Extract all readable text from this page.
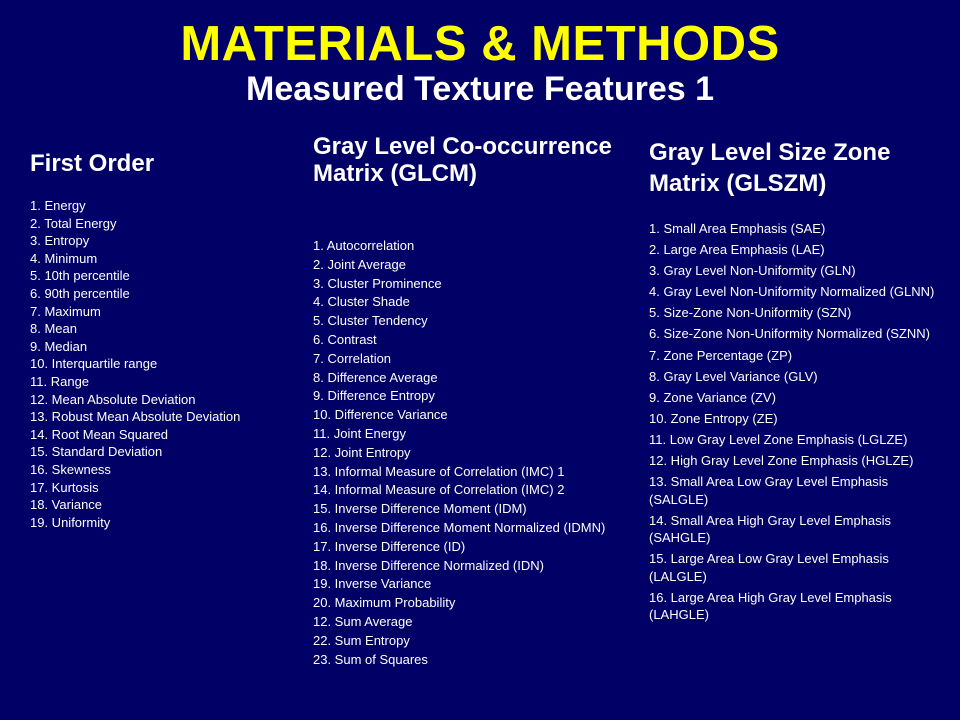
MATERIALS & METHODS
Measured Texture Features 1
First Order
1. Energy
2. Total Energy
3. Entropy
4. Minimum
5. 10th percentile
6. 90th percentile
7. Maximum
8. Mean
9. Median
10. Interquartile range
11. Range
12. Mean Absolute Deviation
13. Robust Mean Absolute Deviation
14. Root Mean Squared
15. Standard Deviation
16. Skewness
17. Kurtosis
18. Variance
19. Uniformity
Gray Level Co-occurrence Matrix (GLCM)
1. Autocorrelation
2. Joint Average
3. Cluster Prominence
4. Cluster Shade
5. Cluster Tendency
6. Contrast
7. Correlation
8. Difference Average
9. Difference Entropy
10. Difference Variance
11. Joint Energy
12. Joint Entropy
13. Informal Measure of Correlation (IMC) 1
14. Informal Measure of Correlation (IMC) 2
15. Inverse Difference Moment (IDM)
16. Inverse Difference Moment Normalized (IDMN)
17. Inverse Difference (ID)
18. Inverse Difference Normalized (IDN)
19. Inverse Variance
20. Maximum Probability
12. Sum Average
22. Sum Entropy
23. Sum of Squares
Gray Level Size Zone Matrix (GLSZM)
1. Small Area Emphasis (SAE)
2. Large Area Emphasis (LAE)
3. Gray Level Non-Uniformity (GLN)
4. Gray Level Non-Uniformity Normalized (GLNN)
5. Size-Zone Non-Uniformity (SZN)
6. Size-Zone Non-Uniformity Normalized (SZNN)
7. Zone Percentage (ZP)
8. Gray Level Variance (GLV)
9. Zone Variance (ZV)
10. Zone Entropy (ZE)
11. Low Gray Level Zone Emphasis (LGLZE)
12. High Gray Level Zone Emphasis (HGLZE)
13. Small Area Low Gray Level Emphasis (SALGLE)
14. Small Area High Gray Level Emphasis (SAHGLE)
15. Large Area Low Gray Level Emphasis (LALGLE)
16. Large Area High Gray Level Emphasis (LAHGLE)
